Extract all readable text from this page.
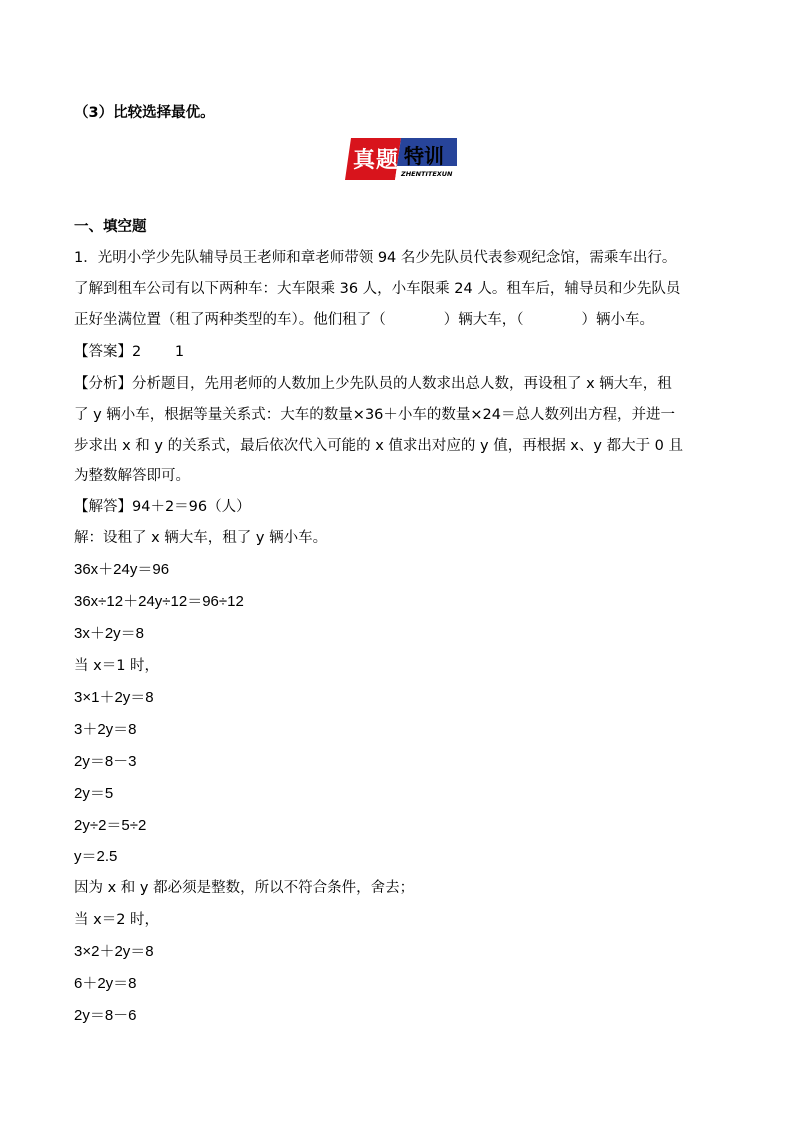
（3）比较选择最优。
真 题 特训
ZHENTITEXUN
一、填空题
1．光明小学少先队辅导员王老师和章老师带领 94 名少先队员代表参观纪念馆，需乘车出行。
了解到租车公司有以下两种车：大车限乘 36 人，小车限乘 24 人。租车后，辅导员和少先队员
正好坐满位置（租了两种类型的车）。他们租了（　　　　）辆大车，（　　　　）辆小车。
【答案】2　　 1
【分析】分析题目，先用老师的人数加上少先队员的人数求出总人数，再设租了 x 辆大车，租
了 y 辆小车，根据等量关系式：大车的数量×36＋小车的数量×24＝总人数列出方程，并进一
步求出 x 和 y 的关系式，最后依次代入可能的 x 值求出对应的 y 值，再根据 x、y 都大于 0 且
为整数解答即可。
【解答】94＋2＝96（人）
解：设租了 x 辆大车，租了 y 辆小车。
36x＋24y＝96
36x÷12＋24y÷12＝96÷12
3x＋2y＝8
当 x＝1 时，
3×1＋2y＝8
3＋2y＝8
2y＝8－3
2y＝5
2y÷2＝5÷2
y＝2.5
因为 x 和 y 都必须是整数，所以不符合条件，舍去；
当 x＝2 时，
3×2＋2y＝8
6＋2y＝8
2y＝8－6
